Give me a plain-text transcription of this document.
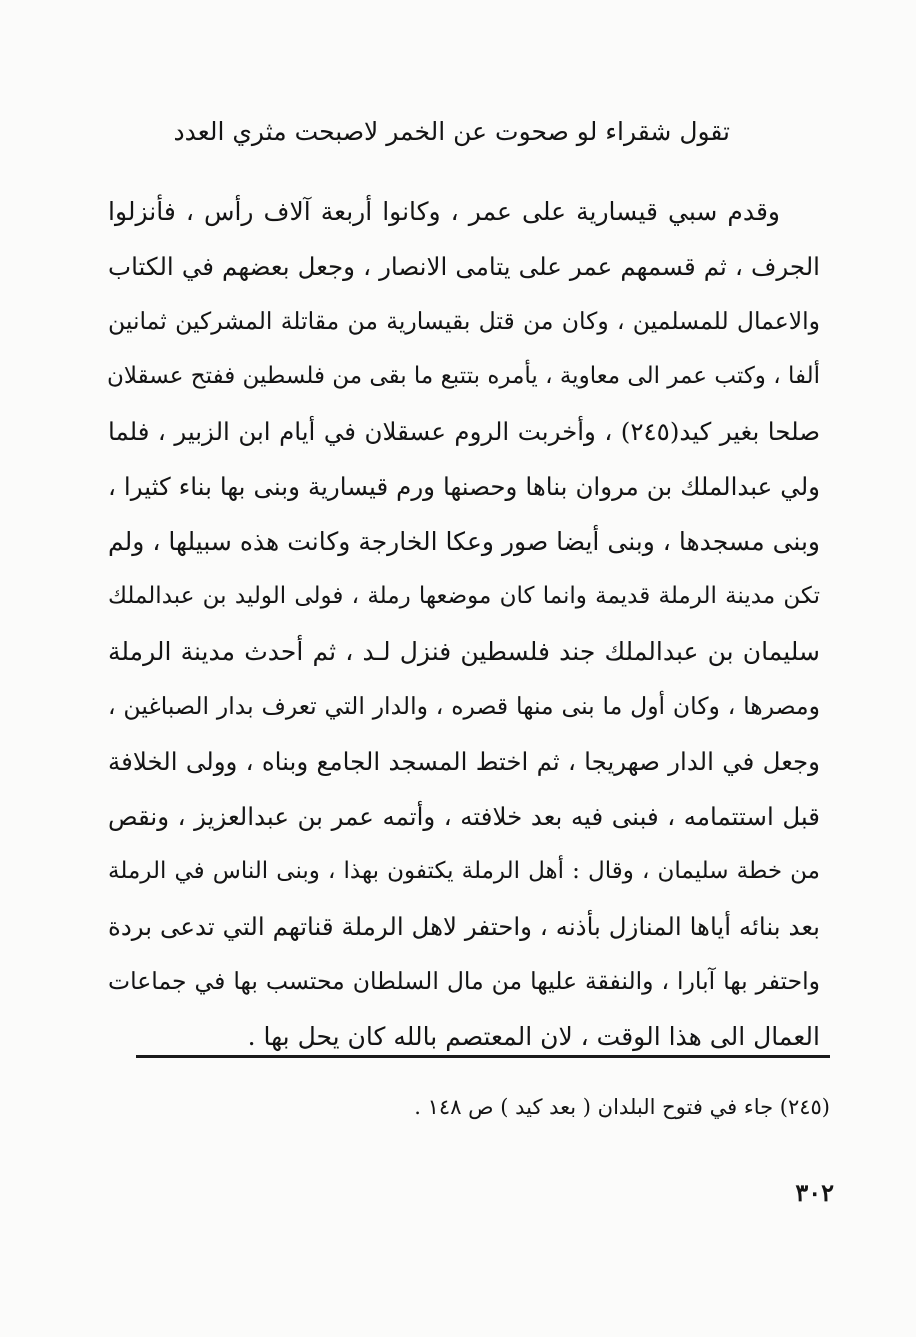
تقول شقراء لو صحوت عن الخمر لاصبحت مثري العدد
وقدم سبي قيسارية على عمر ، وكانوا أربعة آلاف رأس ، فأنزلوا
الجرف ، ثم قسمهم عمر على يتامى الانصار ، وجعل بعضهم في الكتاب
والاعمال للمسلمين ، وكان من قتل بقيسارية من مقاتلة المشركين ثمانين
ألفا ، وكتب عمر الى معاوية ، يأمره بتتبع ما بقى من فلسطين ففتح عسقلان
صلحا بغير كيد(٢٤٥) ، وأخربت الروم عسقلان في أيام ابن الزبير ، فلما
ولي عبدالملك بن مروان بناها وحصنها ورم قيسارية وبنى بها بناء كثيرا ،
وبنى مسجدها ، وبنى أيضا صور وعكا الخارجة وكانت هذه سبيلها ، ولم
تكن مدينة الرملة قديمة وانما كان موضعها رملة ، فولى الوليد بن عبدالملك
سليمان بن عبدالملك جند فلسطين فنزل لـد ، ثم أحدث مدينة الرملة
ومصرها ، وكان أول ما بنى منها قصره ، والدار التي تعرف بدار الصباغين ،
وجعل في الدار صهريجا ، ثم اختط المسجد الجامع وبناه ، وولى الخلافة
قبل استتمامه ، فبنى فيه بعد خلافته ، وأتمه عمر بن عبدالعزيز ، ونقص
من خطة سليمان ، وقال : أهل الرملة يكتفون بهذا ، وبنى الناس في الرملة
بعد بنائه أياها المنازل بأذنه ، واحتفر لاهل الرملة قناتهم التي تدعى بردة
واحتفر بها آبارا ، والنفقة عليها من مال السلطان محتسب بها في جماعات
العمال الى هذا الوقت ، لان المعتصم بالله كان يحل بها .
(٢٤٥) جاء في فتوح البلدان ( بعد كيد ) ص ١٤٨ .
٣٠٢
